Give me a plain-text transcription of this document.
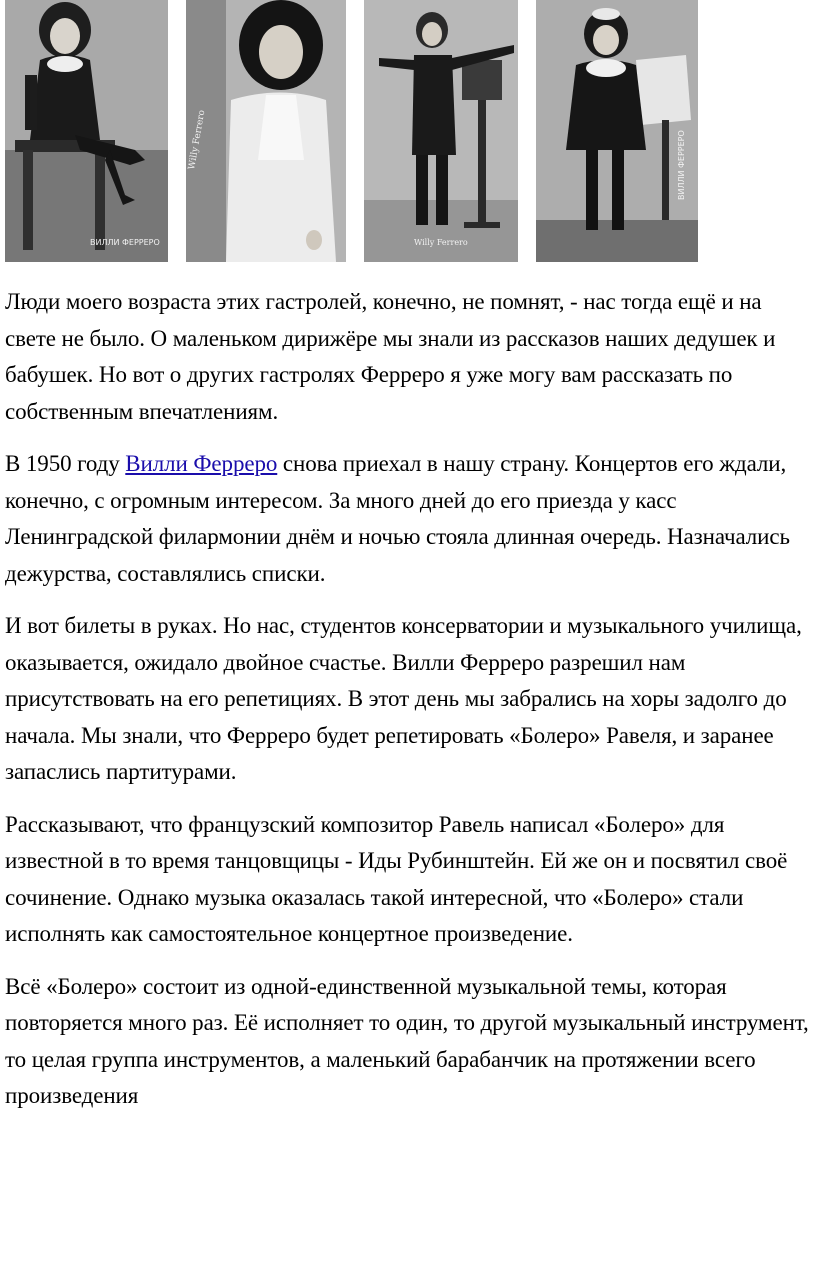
ВИЛЛИ ФЕРРЕРО
Willy Ferrero
Willy Ferrero
ВИЛЛИ ФЕРРЕРО

Люди моего возраста этих гастролей, конечно, не помнят, - нас тогда ещё и на свете не было. О маленьком дирижёре мы знали из рассказов наших дедушек и бабушек. Но вот о других гастролях Ферреро я уже могу вам рассказать по собственным впечатлениям.

В 1950 году Вилли Ферреро снова приехал в нашу страну. Концертов его ждали, конечно, с огромным интересом. За много дней до его приезда у касс Ленинградской филармонии днём и ночью стояла длинная очередь. Назначались дежурства, составлялись списки.

И вот билеты в руках. Но нас, студентов консерватории и музыкального училища, оказывается, ожидало двойное счастье. Вилли Ферреро разрешил нам присутствовать на его репетициях. В этот день мы забрались на хоры задолго до начала. Мы знали, что Ферреро будет репетировать «Болеро» Равеля, и заранее запаслись партитурами.

Рассказывают, что французский композитор Равель написал «Болеро» для известной в то время танцовщицы - Иды Рубинштейн. Ей же он и посвятил своё сочинение. Однако музыка оказалась такой интересной, что «Болеро» стали исполнять как самостоятельное концертное произведение.

Всё «Болеро» состоит из одной-единственной музыкальной темы, которая повторяется много раз. Её исполняет то один, то другой музыкальный инструмент, то целая группа инструментов, а маленький барабанчик на протяжении всего произведения
